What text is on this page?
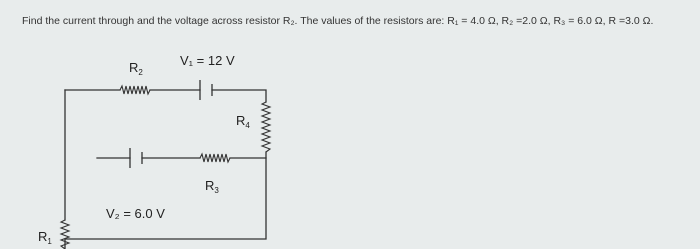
Find the current through and the voltage across resistor R₂. The values of the resistors are: R₁ = 4.0 Ω, R₂ =2.0 Ω, R₃ = 6.0 Ω, R =3.0 Ω.
$R_2$
V₁ = 12 V
$R_4$
$R_3$
V₂ = 6.0 V
$R_1$
